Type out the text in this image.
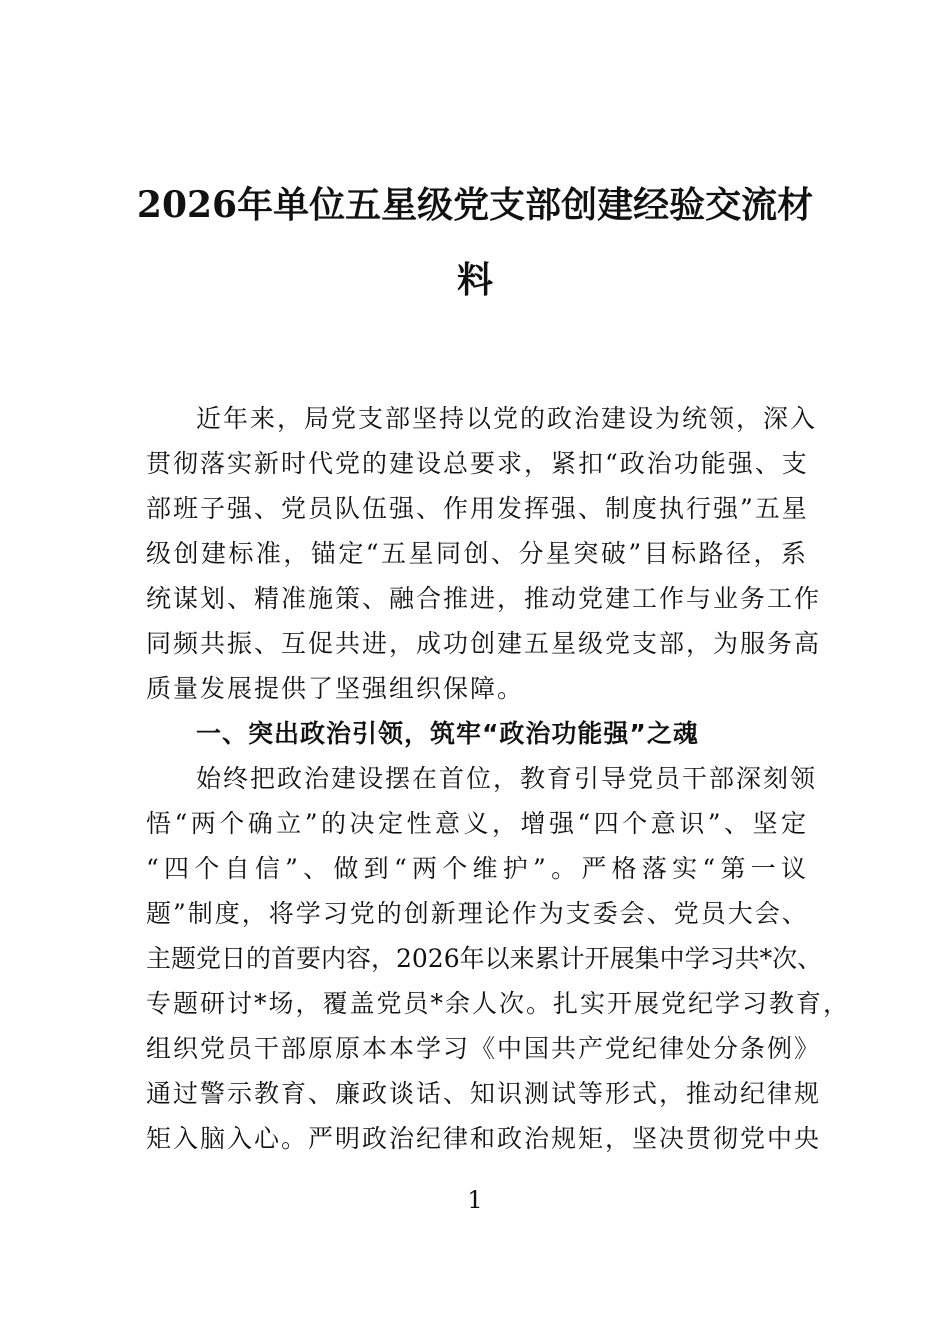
2026年单位五星级党支部创建经验交流材
料
近年来，局党支部坚持以党的政治建设为统领，深入
贯彻落实新时代党的建设总要求，紧扣“政治功能强、支
部班子强、党员队伍强、作用发挥强、制度执行强”五星
级创建标准，锚定“五星同创、分星突破”目标路径，系
统谋划、精准施策、融合推进，推动党建工作与业务工作
同频共振、互促共进，成功创建五星级党支部，为服务高
质量发展提供了坚强组织保障。
一、突出政治引领，筑牢“政治功能强”之魂
始终把政治建设摆在首位，教育引导党员干部深刻领
悟“两个确立”的决定性意义，增强“四个意识”、坚定
“四个自信”、做到“两个维护”。严格落实“第一议
题”制度，将学习党的创新理论作为支委会、党员大会、
主题党日的首要内容，2026年以来累计开展集中学习共*次、
专题研讨*场，覆盖党员*余人次。扎实开展党纪学习教育，
组织党员干部原原本本学习《中国共产党纪律处分条例》
通过警示教育、廉政谈话、知识测试等形式，推动纪律规
矩入脑入心。严明政治纪律和政治规矩，坚决贯彻党中央
1
